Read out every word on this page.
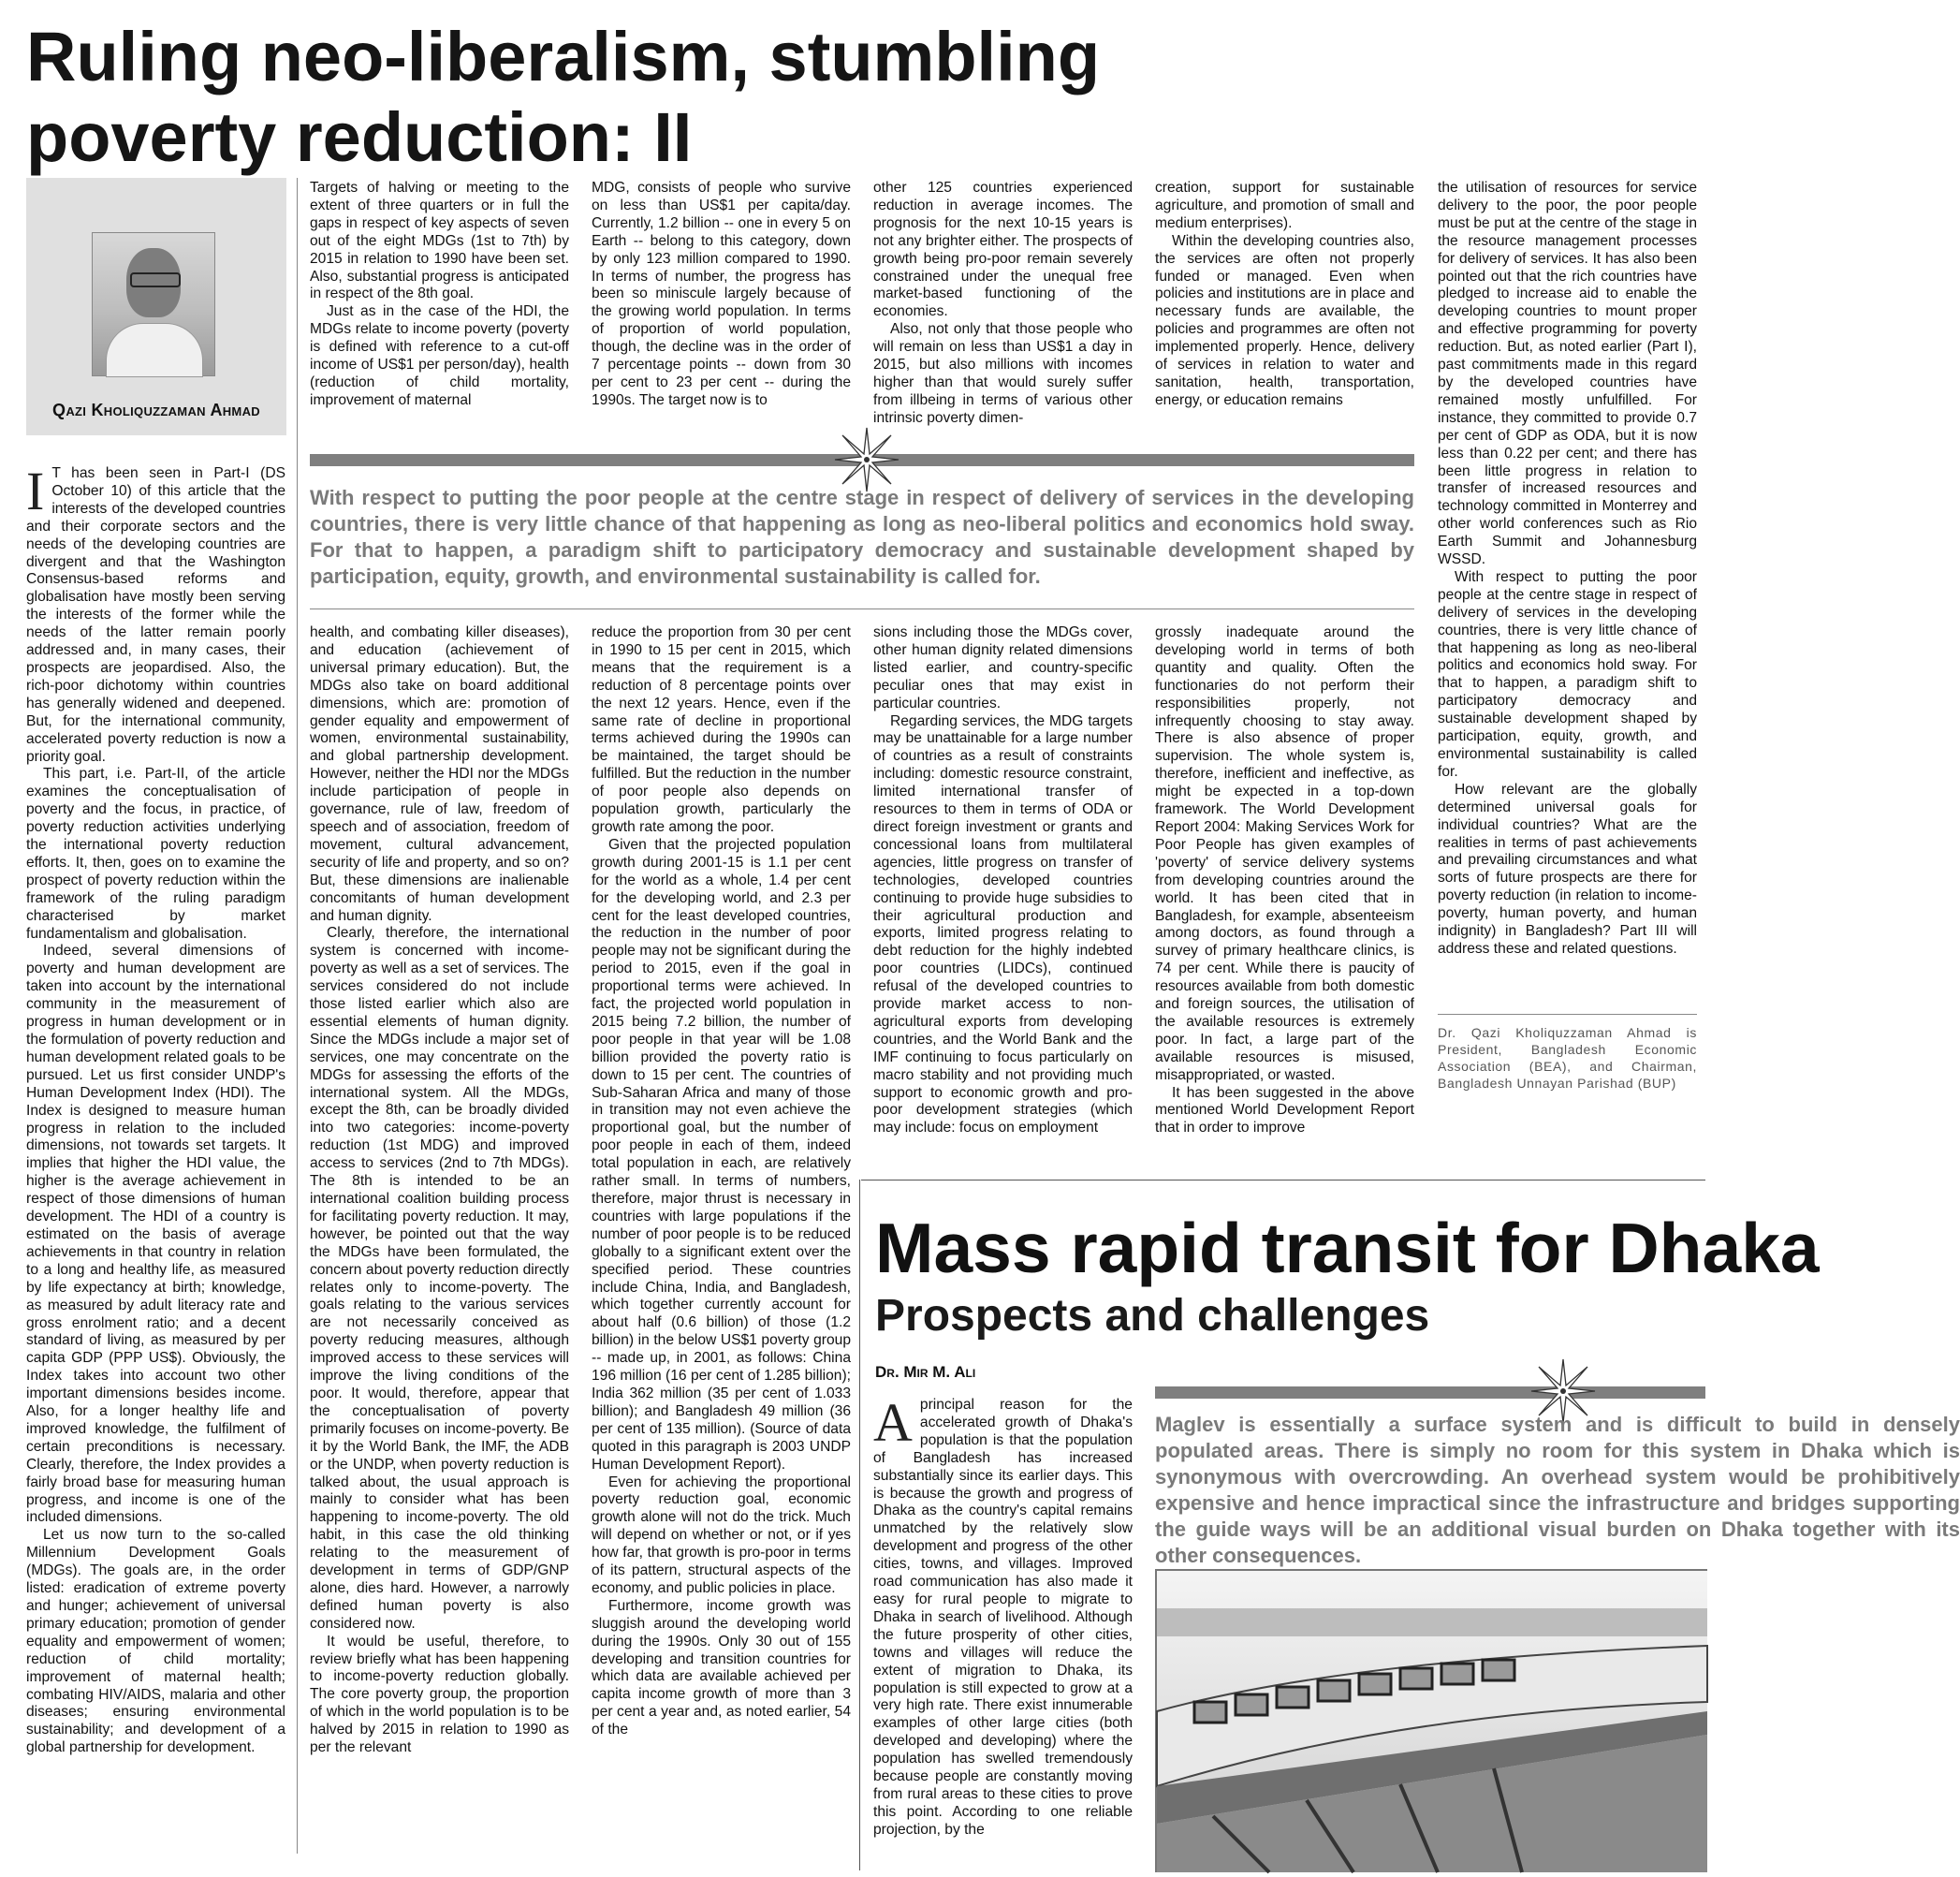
Ruling neo-liberalism, stumbling
poverty reduction: II
Qazi Kholiquzzaman Ahmad
I T has been seen in Part-I (DS October 10) of this article that the interests of the developed countries and their corporate sectors and the needs of the developing countries are divergent and that the Washington Consensus-based reforms and globalisation have mostly been serving the interests of the former while the needs of the latter remain poorly addressed and, in many cases, their prospects are jeopardised. Also, the rich-poor dichotomy within countries has generally widened and deepened. But, for the international community, accelerated poverty reduction is now a priority goal.

This part, i.e. Part-II, of the article examines the conceptualisation of poverty and the focus, in practice, of poverty reduction activities underlying the international poverty reduction efforts. It, then, goes on to examine the prospect of poverty reduction within the framework of the ruling paradigm characterised by market fundamentalism and globalisation.

Indeed, several dimensions of poverty and human development are taken into account by the international community in the measurement of progress in human development or in the formulation of poverty reduction and human development related goals to be pursued. Let us first consider UNDP's Human Development Index (HDI). The Index is designed to measure human progress in relation to the included dimensions, not towards set targets. It implies that higher the HDI value, the higher is the average achievement in respect of those dimensions of human development. The HDI of a country is estimated on the basis of average achievements in that country in relation to a long and healthy life, as measured by life expectancy at birth; knowledge, as measured by adult literacy rate and gross enrolment ratio; and a decent standard of living, as measured by per capita GDP (PPP US$). Obviously, the Index takes into account two other important dimensions besides income. Also, for a longer healthy life and improved knowledge, the fulfilment of certain preconditions is necessary. Clearly, therefore, the Index provides a fairly broad base for measuring human progress, and income is one of the included dimensions.

Let us now turn to the so-called Millennium Development Goals (MDGs). The goals are, in the order listed: eradication of extreme poverty and hunger; achievement of universal primary education; promotion of gender equality and empowerment of women; reduction of child mortality; improvement of maternal health; combating HIV/AIDS, malaria and other diseases; ensuring environmental sustainability; and development of a global partnership for development.

Targets of halving or meeting to the extent of three quarters or in full the gaps in respect of key aspects of seven out of the eight MDGs (1st to 7th) by 2015 in relation to 1990 have been set. Also, substantial progress is anticipated in respect of the 8th goal.

Just as in the case of the HDI, the MDGs relate to income poverty (poverty is defined with reference to a cut-off income of US$1 per person/day), health (reduction of child mortality, improvement of maternal

MDG, consists of people who survive on less than US$1 per capita/day. Currently, 1.2 billion -- one in every 5 on Earth -- belong to this category, down by only 123 million compared to 1990. In terms of number, the progress has been so miniscule largely because of the growing world population. In terms of proportion of world population, though, the decline was in the order of 7 percentage points -- down from 30 per cent to 23 per cent -- during the 1990s. The target now is to

other 125 countries experienced reduction in average incomes. The prognosis for the next 10-15 years is not any brighter either. The prospects of growth being pro-poor remain severely constrained under the unequal free market-based functioning of the economies.

Also, not only that those people who will remain on less than US$1 a day in 2015, but also millions with incomes higher than that would surely suffer from illbeing in terms of various other intrinsic poverty dimen-

creation, support for sustainable agriculture, and promotion of small and medium enterprises).

Within the developing countries also, the services are often not properly funded or managed. Even when policies and institutions are in place and necessary funds are available, the policies and programmes are often not implemented properly. Hence, delivery of services in relation to water and sanitation, health, transportation, energy, or education remains

With respect to putting the poor people at the centre stage in respect of delivery of services in the developing countries, there is very little chance of that happening as long as neo-liberal politics and economics hold sway. For that to happen, a paradigm shift to participatory democracy and sustainable development shaped by participation, equity, growth, and environmental sustainability is called for.

health, and combating killer diseases), and education (achievement of universal primary education). But, the MDGs also take on board additional dimensions, which are: promotion of gender equality and empowerment of women, environmental sustainability, and global partnership development. However, neither the HDI nor the MDGs include participation of people in governance, rule of law, freedom of speech and of association, freedom of movement, cultural advancement, security of life and property, and so on? But, these dimensions are inalienable concomitants of human development and human dignity.

Clearly, therefore, the international system is concerned with income-poverty as well as a set of services. The services considered do not include those listed earlier which also are essential elements of human dignity. Since the MDGs include a major set of services, one may concentrate on the MDGs for assessing the efforts of the international system. All the MDGs, except the 8th, can be broadly divided into two categories: income-poverty reduction (1st MDG) and improved access to services (2nd to 7th MDGs). The 8th is intended to be an international coalition building process for facilitating poverty reduction. It may, however, be pointed out that the way the MDGs have been formulated, the concern about poverty reduction directly relates only to income-poverty. The goals relating to the various services are not necessarily conceived as poverty reducing measures, although improved access to these services will improve the living conditions of the poor. It would, therefore, appear that the conceptualisation of poverty primarily focuses on income-poverty. Be it by the World Bank, the IMF, the ADB or the UNDP, when poverty reduction is talked about, the usual approach is mainly to consider what has been happening to income-poverty. The old habit, in this case the old thinking relating to the measurement of development in terms of GDP/GNP alone, dies hard. However, a narrowly defined human poverty is also considered now.

It would be useful, therefore, to review briefly what has been happening to income-poverty reduction globally. The core poverty group, the proportion of which in the world population is to be halved by 2015 in relation to 1990 as per the relevant

reduce the proportion from 30 per cent in 1990 to 15 per cent in 2015, which means that the requirement is a reduction of 8 percentage points over the next 12 years. Hence, even if the same rate of decline in proportional terms achieved during the 1990s can be maintained, the target should be fulfilled. But the reduction in the number of poor people also depends on population growth, particularly the growth rate among the poor.

Given that the projected population growth during 2001-15 is 1.1 per cent for the world as a whole, 1.4 per cent for the developing world, and 2.3 per cent for the least developed countries, the reduction in the number of poor people may not be significant during the period to 2015, even if the goal in proportional terms were achieved. In fact, the projected world population in 2015 being 7.2 billion, the number of poor people in that year will be 1.08 billion provided the poverty ratio is down to 15 per cent. The countries of Sub-Saharan Africa and many of those in transition may not even achieve the proportional goal, but the number of poor people in each of them, indeed total population in each, are relatively rather small. In terms of numbers, therefore, major thrust is necessary in countries with large populations if the number of poor people is to be reduced globally to a significant extent over the specified period. These countries include China, India, and Bangladesh, which together currently account for about half (0.6 billion) of those (1.2 billion) in the below US$1 poverty group -- made up, in 2001, as follows: China 196 million (16 per cent of 1.285 billion); India 362 million (35 per cent of 1.033 billion); and Bangladesh 49 million (36 per cent of 135 million). (Source of data quoted in this paragraph is 2003 UNDP Human Development Report).

Even for achieving the proportional poverty reduction goal, economic growth alone will not do the trick. Much will depend on whether or not, or if yes how far, that growth is pro-poor in terms of its pattern, structural aspects of the economy, and public policies in place.

Furthermore, income growth was sluggish around the developing world during the 1990s. Only 30 out of 155 developing and transition countries for which data are available achieved per capita income growth of more than 3 per cent a year and, as noted earlier, 54 of the

sions including those the MDGs cover, other human dignity related dimensions listed earlier, and country-specific peculiar ones that may exist in particular countries.

Regarding services, the MDG targets may be unattainable for a large number of countries as a result of constraints including: domestic resource constraint, limited international transfer of resources to them in terms of ODA or direct foreign investment or grants and concessional loans from multilateral agencies, little progress on transfer of technologies, developed countries continuing to provide huge subsidies to their agricultural production and exports, limited progress relating to debt reduction for the highly indebted poor countries (LIDCs), continued refusal of the developed countries to provide market access to non-agricultural exports from developing countries, and the World Bank and the IMF continuing to focus particularly on macro stability and not providing much support to economic growth and pro-poor development strategies (which may include: focus on employment

grossly inadequate around the developing world in terms of both quantity and quality. Often the functionaries do not perform their responsibilities properly, not infrequently choosing to stay away. There is also absence of proper supervision. The whole system is, therefore, inefficient and ineffective, as might be expected in a top-down framework. The World Development Report 2004: Making Services Work for Poor People has given examples of 'poverty' of service delivery systems from developing countries around the world. It has been cited that in Bangladesh, for example, absenteeism among doctors, as found through a survey of primary healthcare clinics, is 74 per cent. While there is paucity of resources available from both domestic and foreign sources, the utilisation of the available resources is extremely poor. In fact, a large part of the available resources is misused, misappropriated, or wasted.

It has been suggested in the above mentioned World Development Report that in order to improve

the utilisation of resources for service delivery to the poor, the poor people must be put at the centre of the stage in the resource management processes for delivery of services. It has also been pointed out that the rich countries have pledged to increase aid to enable the developing countries to mount proper and effective programming for poverty reduction. But, as noted earlier (Part I), past commitments made in this regard by the developed countries have remained mostly unfulfilled. For instance, they committed to provide 0.7 per cent of GDP as ODA, but it is now less than 0.22 per cent; and there has been little progress in relation to transfer of increased resources and technology committed in Monterrey and other world conferences such as Rio Earth Summit and Johannesburg WSSD.

With respect to putting the poor people at the centre stage in respect of delivery of services in the developing countries, there is very little chance of that happening as long as neo-liberal politics and economics hold sway. For that to happen, a paradigm shift to participatory democracy and sustainable development shaped by participation, equity, growth, and environmental sustainability is called for.

How relevant are the globally determined universal goals for individual countries? What are the realities in terms of past achievements and prevailing circumstances and what sorts of future prospects are there for poverty reduction (in relation to income-poverty, human poverty, and human indignity) in Bangladesh? Part III will address these and related questions.

Dr. Qazi Kholiquzzaman Ahmad is President, Bangladesh Economic Association (BEA), and Chairman, Bangladesh Unnayan Parishad (BUP)

Mass rapid transit for Dhaka
Prospects and challenges
Dr. Mir M. Ali
A principal reason for the accelerated growth of Dhaka's population is that the population of Bangladesh has increased substantially since its earlier days. This is because the growth and progress of Dhaka as the country's capital remains unmatched by the relatively slow development and progress of the other cities, towns, and villages. Improved road communication has also made it easy for rural people to migrate to Dhaka in search of livelihood. Although the future prosperity of other cities, towns and villages will reduce the extent of migration to Dhaka, its population is still expected to grow at a very high rate. There exist innumerable examples of other large cities (both developed and developing) where the population has swelled tremendously because people are constantly moving from rural areas to these cities to prove this point. According to one reliable projection, by the

Maglev is essentially a surface system and is difficult to build in densely populated areas. There is simply no room for this system in Dhaka which is synonymous with overcrowding. An overhead system would be prohibitively expensive and hence impractical since the infrastructure and bridges supporting the guide ways will be an additional visual burden on Dhaka together with its other consequences.
